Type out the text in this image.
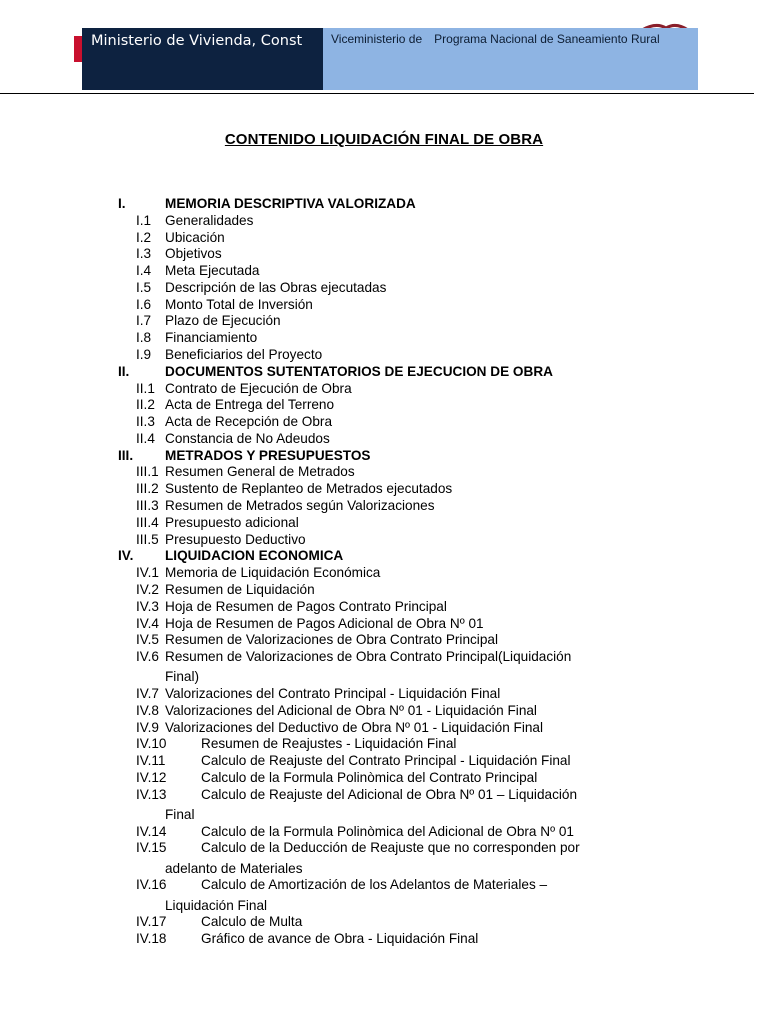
Ministerio de Vivienda, Const	Viceministerio de Programa Nacional de Saneamiento Rural
CONTENIDO LIQUIDACIÓN FINAL DE OBRA
I.	MEMORIA DESCRIPTIVA VALORIZADA
I.1 Generalidades
I.2 Ubicación
I.3 Objetivos
I.4 Meta Ejecutada
I.5 Descripción de las Obras ejecutadas
I.6 Monto Total de Inversión
I.7 Plazo de Ejecución
I.8 Financiamiento
I.9 Beneficiarios del Proyecto
II.	DOCUMENTOS SUTENTATORIOS DE EJECUCION DE OBRA
II.1 Contrato de Ejecución de Obra
II.2 Acta de Entrega del Terreno
II.3 Acta de Recepción de Obra
II.4 Constancia de No Adeudos
III. METRADOS Y PRESUPUESTOS
III.1 Resumen General de Metrados
III.2 Sustento de Replanteo de Metrados ejecutados
III.3 Resumen de Metrados según Valorizaciones
III.4 Presupuesto adicional
III.5 Presupuesto Deductivo
IV. LIQUIDACION ECONOMICA
IV.1 Memoria de Liquidación Económica
IV.2 Resumen de Liquidación
IV.3 Hoja de Resumen de Pagos Contrato Principal
IV.4 Hoja de Resumen de Pagos Adicional de Obra Nº 01
IV.5 Resumen de Valorizaciones de Obra Contrato Principal
IV.6 Resumen de Valorizaciones de Obra Contrato Principal(Liquidación
Final)
IV.7 Valorizaciones del Contrato Principal - Liquidación Final
IV.8 Valorizaciones del Adicional de Obra Nº 01 - Liquidación Final
IV.9 Valorizaciones del Deductivo de Obra Nº 01 - Liquidación Final
IV.10	Resumen de Reajustes - Liquidación Final
IV.11	Calculo de Reajuste del Contrato Principal - Liquidación Final
IV.12	Calculo de la Formula Polinòmica del Contrato Principal
IV.13	Calculo de Reajuste del Adicional de Obra Nº 01 – Liquidación
Final
IV.14	Calculo de la Formula Polinòmica del Adicional de Obra Nº 01
IV.15	Calculo de la Deducción de Reajuste que no corresponden por
adelanto de Materiales
IV.16	Calculo de Amortización de los Adelantos de Materiales –
Liquidación Final
IV.17	Calculo de Multa
IV.18	Gráfico de avance de Obra - Liquidación Final
